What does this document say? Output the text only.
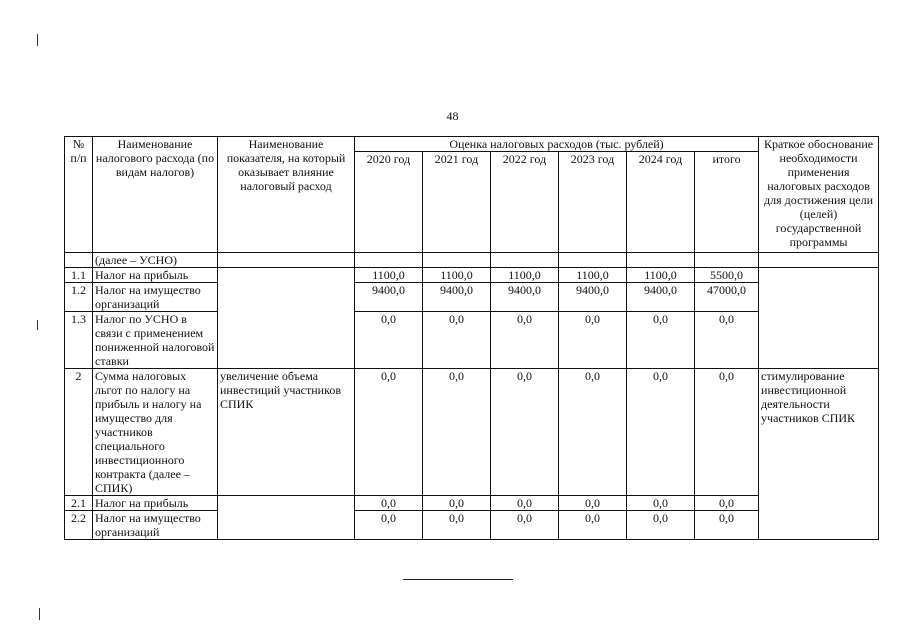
48
№ п/п	Наименование налогового расхода (по видам налогов)	Наименование показателя, на который оказывает влияние налоговый расход	Оценка налоговых расходов (тыс. рублей)						Краткое обоснование необходимости применения налоговых расходов для достижения цели (целей) государственной программы
			2020 год	2021 год	2022 год	2023 год	2024 год	итого	
	(далее – УСНО)								
1.1	Налог на прибыль		1100,0	1100,0	1100,0	1100,0	1100,0	5500,0	
1.2	Налог на имущество организаций		9400,0	9400,0	9400,0	9400,0	9400,0	47000,0	
1.3	Налог по УСНО в связи с применением пониженной налоговой ставки		0,0	0,0	0,0	0,0	0,0	0,0	
2	Сумма налоговых льгот по налогу на прибыль и налогу на имущество для участников специального инвестиционного контракта (далее – СПИК)	увеличение объема инвестиций участников СПИК	0,0	0,0	0,0	0,0	0,0	0,0	стимулирование инвестиционной деятельности участников СПИК
2.1	Налог на прибыль		0,0	0,0	0,0	0,0	0,0	0,0	
2.2	Налог на имущество организаций		0,0	0,0	0,0	0,0	0,0	0,0	
